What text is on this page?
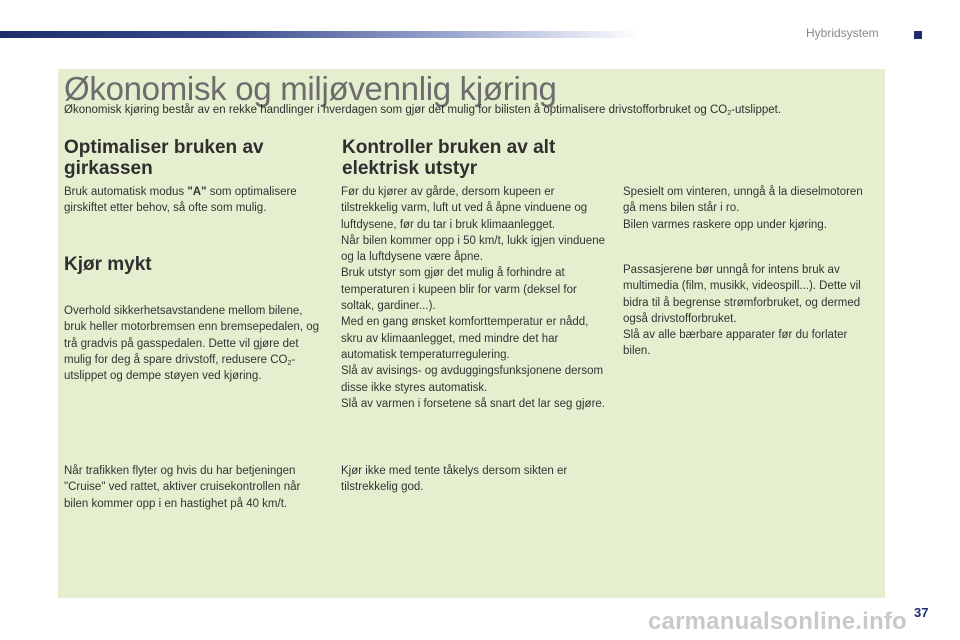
Hybridsystem
Økonomisk og miljøvennlig kjøring
Økonomisk kjøring består av en rekke handlinger i hverdagen som gjør det mulig for bilisten å optimalisere drivstofforbruket og $CO_2$-utslippet.
Optimaliser bruken av girkassen

Bruk automatisk modus "A" som optimalisere girskiftet etter behov, så ofte som mulig.

Kjør mykt

Overhold sikkerhetsavstandene mellom bilene, bruk heller motorbremsen enn bremsepedalen, og trå gradvis på gasspedalen. Dette vil gjøre det mulig for deg å spare drivstoff, redusere $CO_2$-utslippet og dempe støyen ved kjøring.

Når trafikken flyter og hvis du har betjeningen "Cruise" ved rattet, aktiver cruisekontrollen når bilen kommer opp i en hastighet på 40 km/t.

Kontroller bruken av alt elektrisk utstyr

Før du kjører av gårde, dersom kupeen er tilstrekkelig varm, luft ut ved å åpne vinduene og luftdysene, før du tar i bruk klimaanlegget.
Når bilen kommer opp i 50 km/t, lukk igjen vinduene og la luftdysene være åpne.
Bruk utstyr som gjør det mulig å forhindre at temperaturen i kupeen blir for varm (deksel for soltak, gardiner...).
Med en gang ønsket komforttemperatur er nådd, skru av klimaanlegget, med mindre det har automatisk temperaturregulering.
Slå av avisings- og avduggingsfunksjonene dersom disse ikke styres automatisk.
Slå av varmen i forsetene så snart det lar seg gjøre.

Kjør ikke med tente tåkelys dersom sikten er tilstrekkelig god.

Spesielt om vinteren, unngå å la dieselmotoren gå mens bilen står i ro.
Bilen varmes raskere opp under kjøring.

Passasjerene bør unngå for intens bruk av multimedia (film, musikk, videospill...). Dette vil bidra til å begrense strømforbruket, og dermed også drivstofforbruket.
Slå av alle bærbare apparater før du forlater bilen.

37
carmanualsonline.info
